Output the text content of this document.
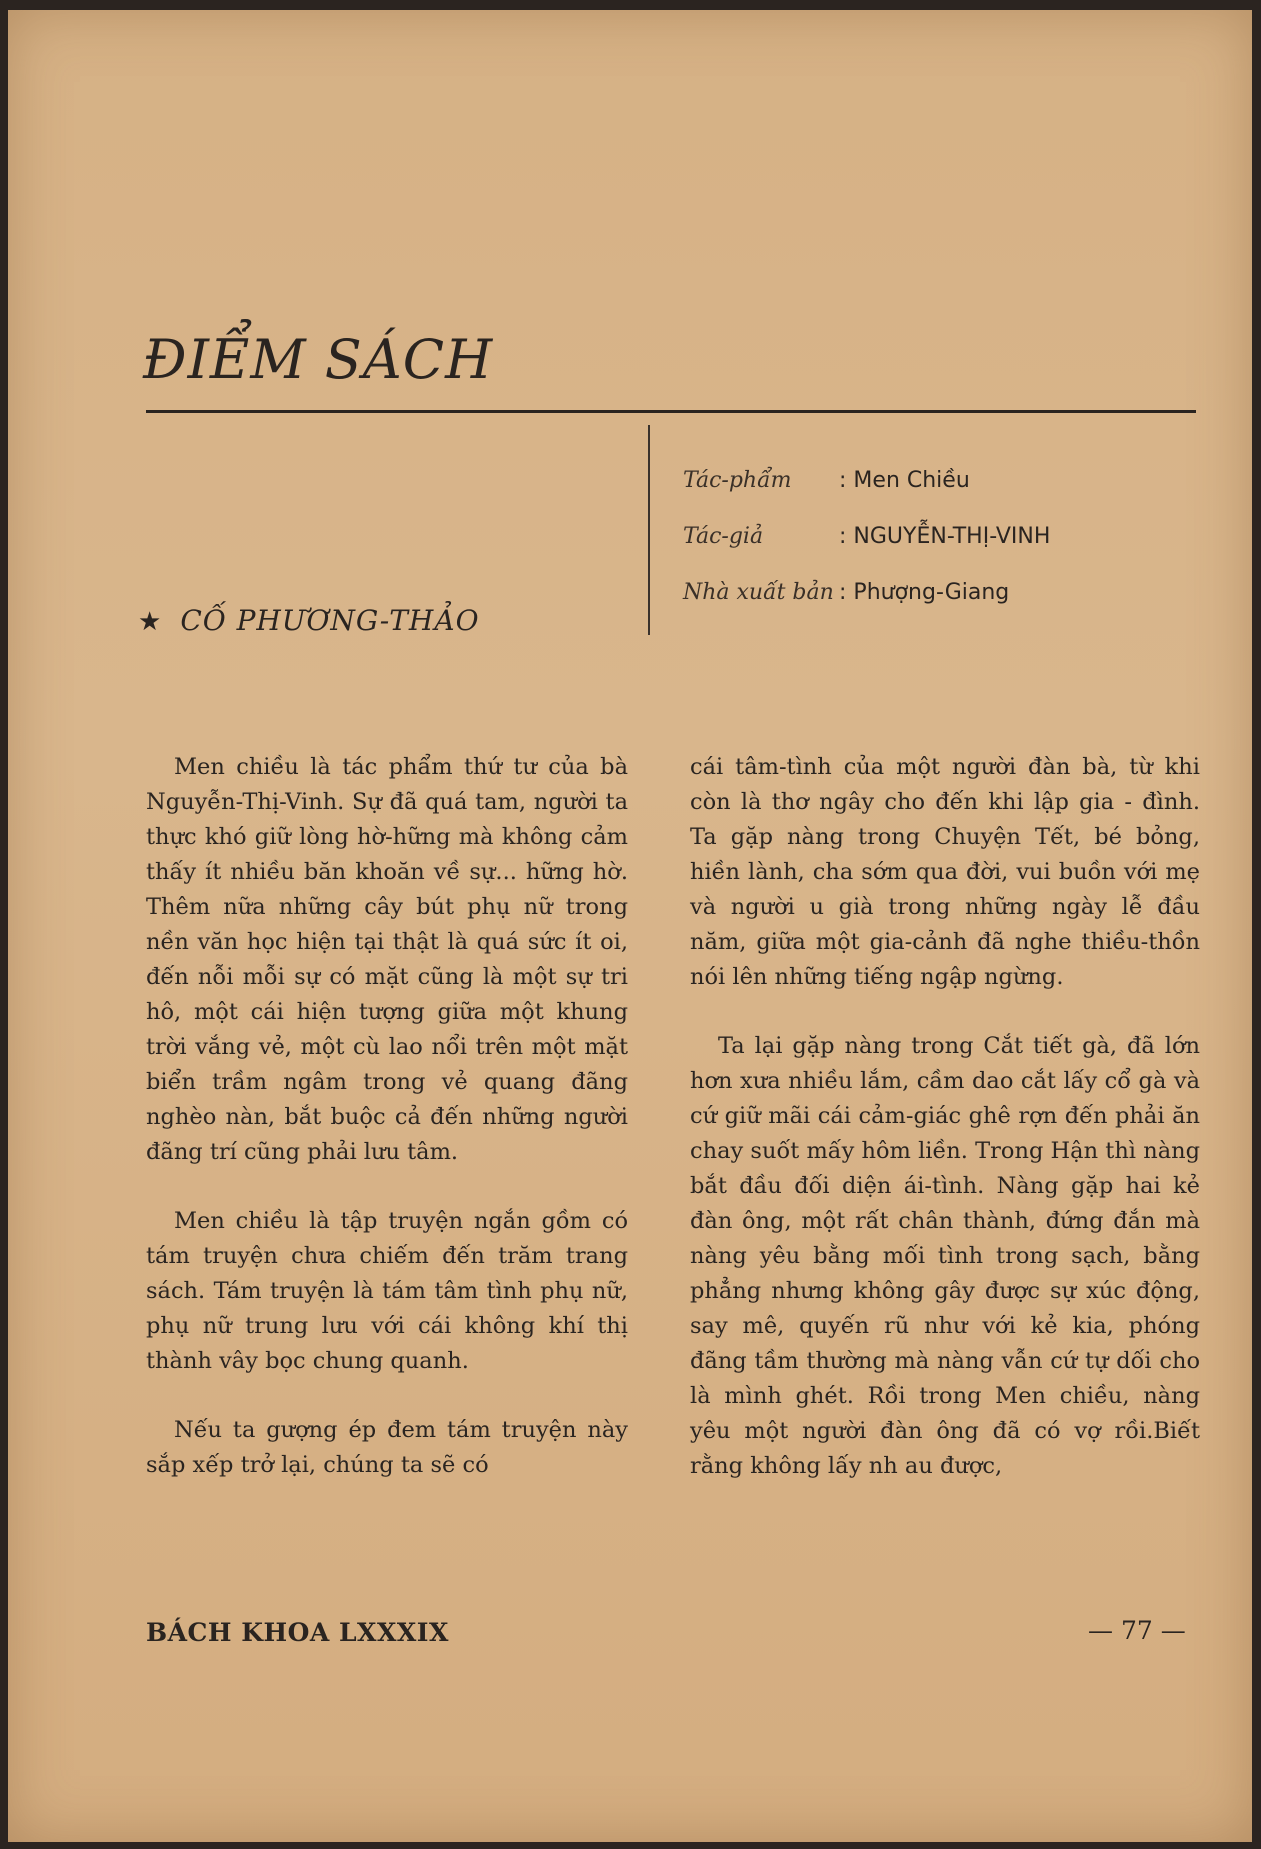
ĐIỂM SÁCH
★ CỐ PHƯƠNG-THẢO
Tác-phẩm	: Men Chiều
Tác-giả	: NGUYỄN-THỊ-VINH
Nhà xuất bản : Phượng-Giang

Men chiều là tác phẩm thứ tư của bà Nguyễn-Thị-Vinh. Sự đã quá tam, người ta thực khó giữ lòng hờ-hững mà không cảm thấy ít nhiều băn khoăn về sự... hững hờ. Thêm nữa những cây bút phụ nữ trong nền văn học hiện tại thật là quá sức ít oi, đến nỗi mỗi sự có mặt cũng là một sự tri hô, một cái hiện tượng giữa một khung trời vắng vẻ, một cù lao nổi trên một mặt biển trầm ngâm trong vẻ quang đãng nghèo nàn, bắt buộc cả đến những người đãng trí cũng phải lưu tâm.

Men chiều là tập truyện ngắn gồm có tám truyện chưa chiếm đến trăm trang sách. Tám truyện là tám tâm tình phụ nữ, phụ nữ trung lưu với cái không khí thị thành vây bọc chung quanh.

Nếu ta gượng ép đem tám truyện này sắp xếp trở lại, chúng ta sẽ có

cái tâm-tình của một người đàn bà, từ khi còn là thơ ngây cho đến khi lập gia - đình. Ta gặp nàng trong Chuyện Tết, bé bỏng, hiền lành, cha sớm qua đời, vui buồn với mẹ và người u già trong những ngày lễ đầu năm, giữa một gia-cảnh đã nghe thiều-thồn nói lên những tiếng ngập ngừng.

Ta lại gặp nàng trong Cắt tiết gà, đã lớn hơn xưa nhiều lắm, cầm dao cắt lấy cổ gà và cứ giữ mãi cái cảm-giác ghê rợn đến phải ăn chay suốt mấy hôm liền. Trong Hận thì nàng bắt đầu đối diện ái-tình. Nàng gặp hai kẻ đàn ông, một rất chân thành, đứng đắn mà nàng yêu bằng mối tình trong sạch, bằng phẳng nhưng không gây được sự xúc động, say mê, quyến rũ như với kẻ kia, phóng đãng tầm thường mà nàng vẫn cứ tự dối cho là mình ghét. Rồi trong Men chiều, nàng yêu một người đàn ông đã có vợ rồi.Biết rằng không lấy nh au được,

BÁCH KHOA LXXXIX	— 77 —
